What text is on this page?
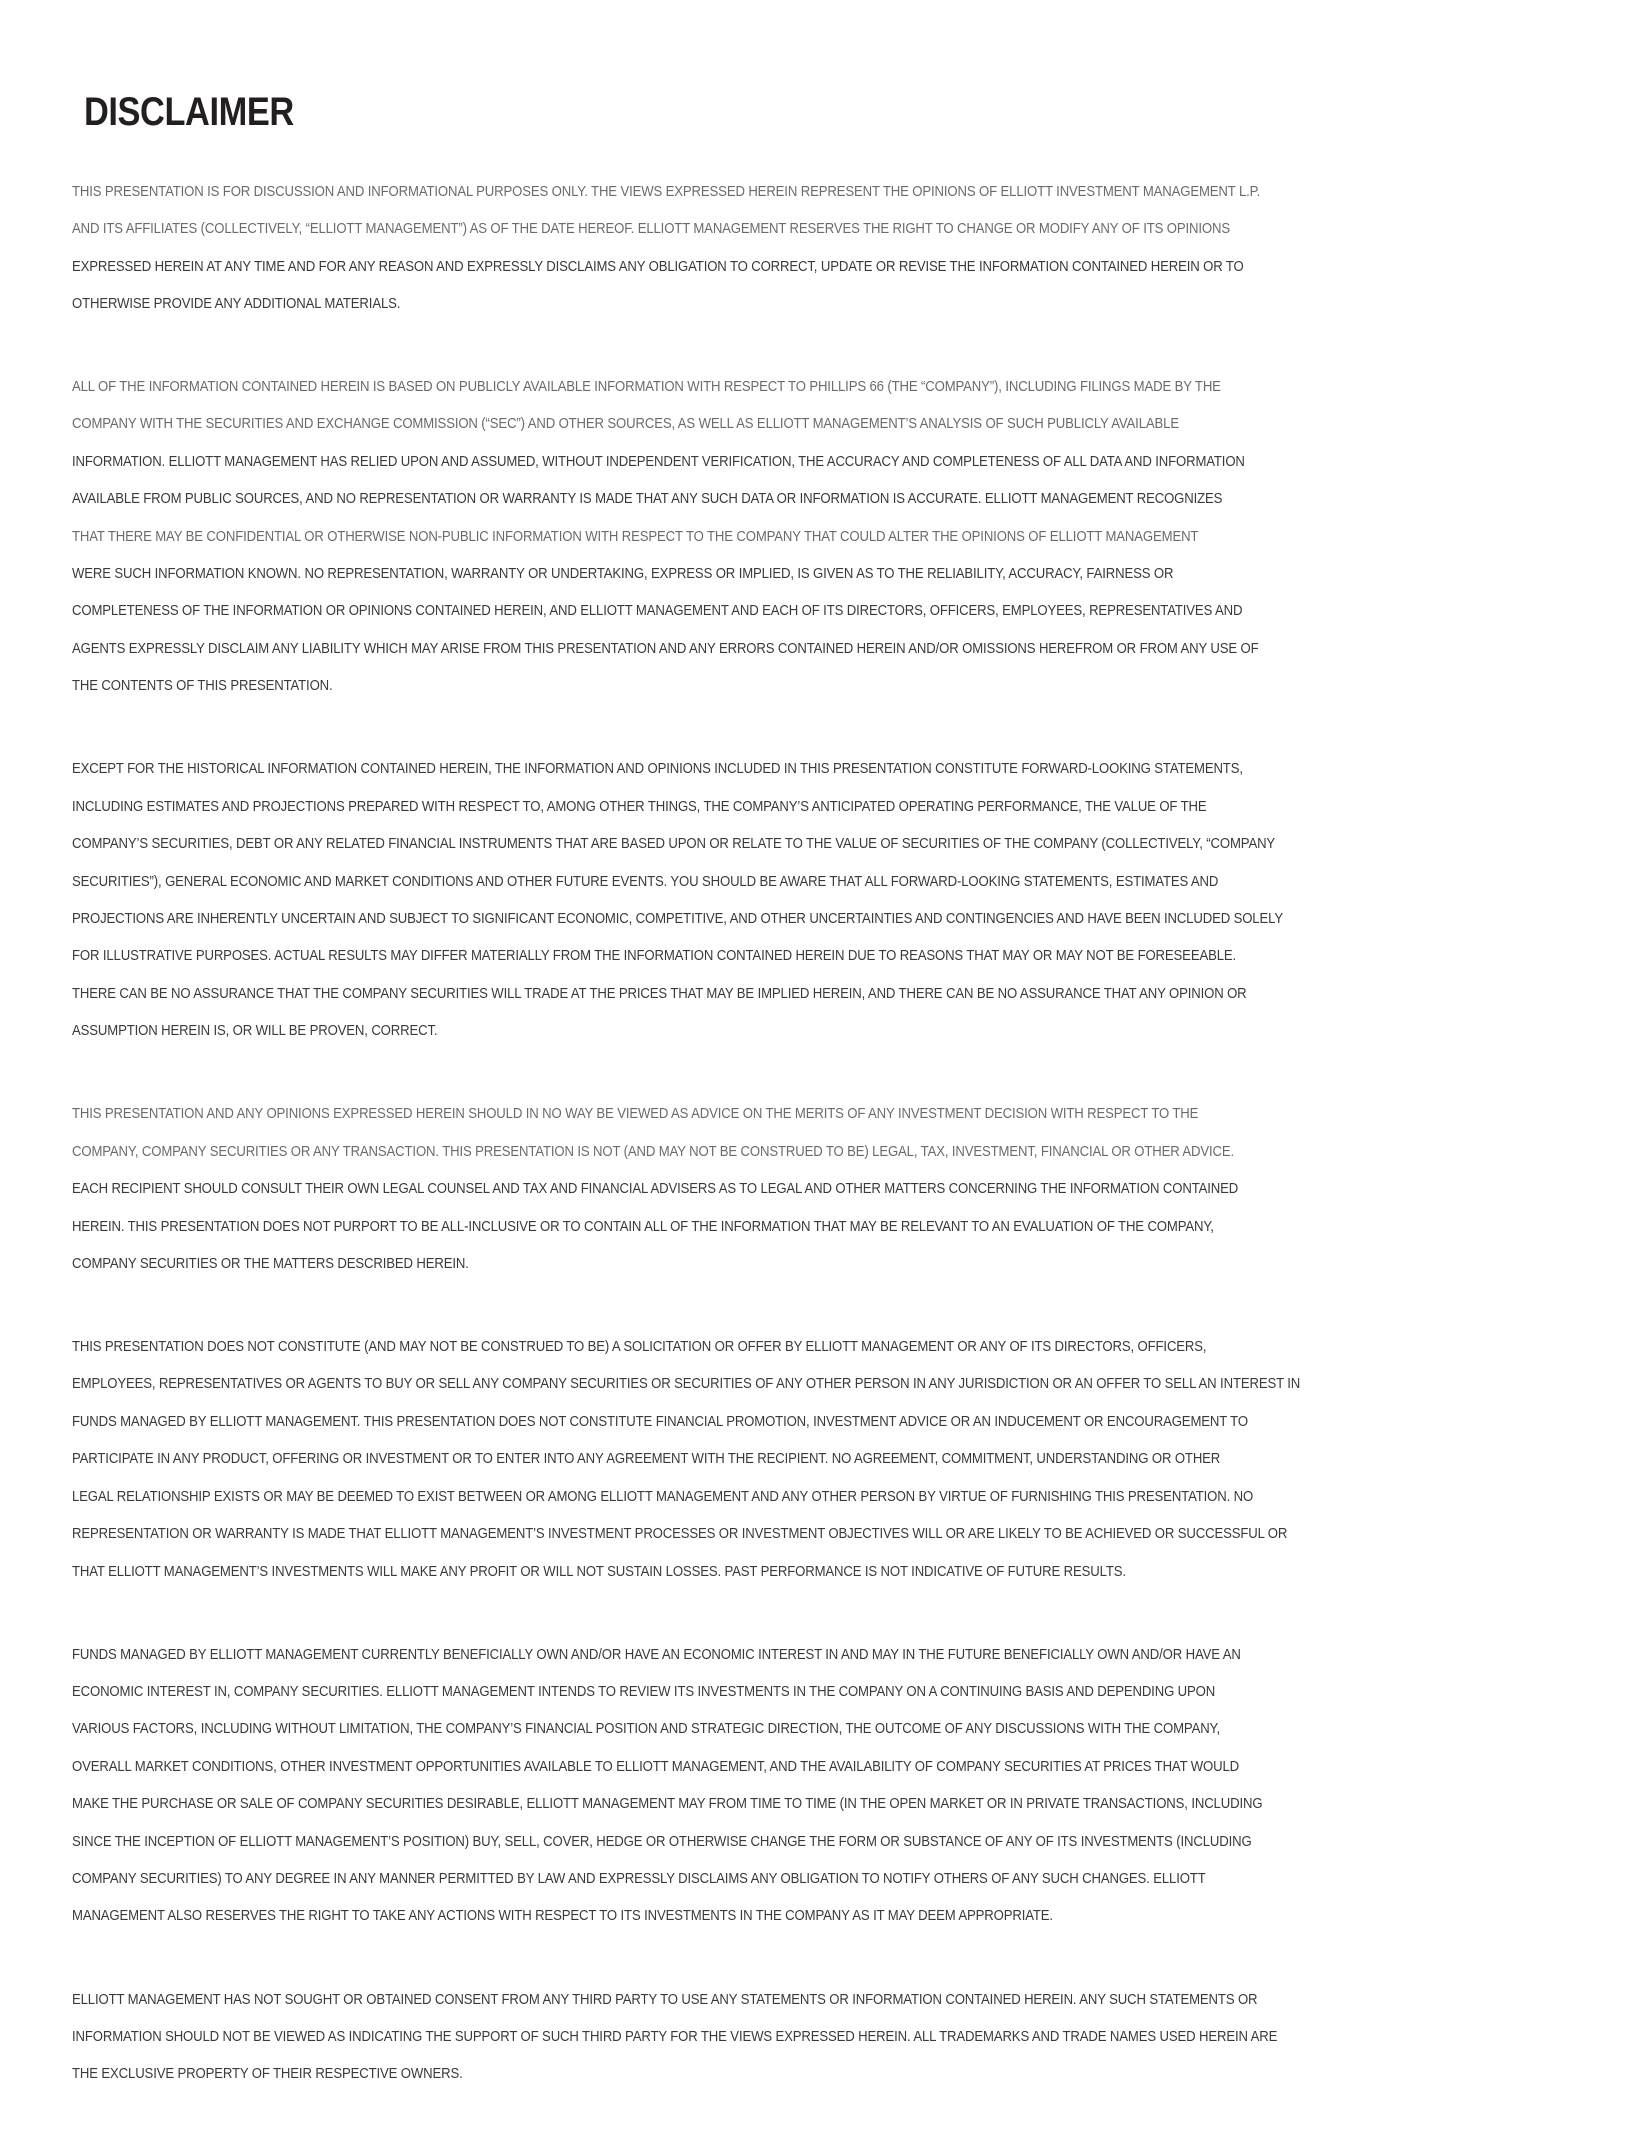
DISCLAIMER

THIS PRESENTATION IS FOR DISCUSSION AND INFORMATIONAL PURPOSES ONLY. THE VIEWS EXPRESSED HEREIN REPRESENT THE OPINIONS OF ELLIOTT INVESTMENT MANAGEMENT L.P.

AND ITS AFFILIATES (COLLECTIVELY, “ELLIOTT MANAGEMENT”) AS OF THE DATE HEREOF. ELLIOTT MANAGEMENT RESERVES THE RIGHT TO CHANGE OR MODIFY ANY OF ITS OPINIONS

EXPRESSED HEREIN AT ANY TIME AND FOR ANY REASON AND EXPRESSLY DISCLAIMS ANY OBLIGATION TO CORRECT, UPDATE OR REVISE THE INFORMATION CONTAINED HEREIN OR TO

OTHERWISE PROVIDE ANY ADDITIONAL MATERIALS.

ALL OF THE INFORMATION CONTAINED HEREIN IS BASED ON PUBLICLY AVAILABLE INFORMATION WITH RESPECT TO PHILLIPS 66 (THE “COMPANY”), INCLUDING FILINGS MADE BY THE

COMPANY WITH THE SECURITIES AND EXCHANGE COMMISSION (“SEC”) AND OTHER SOURCES, AS WELL AS ELLIOTT MANAGEMENT’S ANALYSIS OF SUCH PUBLICLY AVAILABLE

INFORMATION. ELLIOTT MANAGEMENT HAS RELIED UPON AND ASSUMED, WITHOUT INDEPENDENT VERIFICATION, THE ACCURACY AND COMPLETENESS OF ALL DATA AND INFORMATION

AVAILABLE FROM PUBLIC SOURCES, AND NO REPRESENTATION OR WARRANTY IS MADE THAT ANY SUCH DATA OR INFORMATION IS ACCURATE. ELLIOTT MANAGEMENT RECOGNIZES

THAT THERE MAY BE CONFIDENTIAL OR OTHERWISE NON-PUBLIC INFORMATION WITH RESPECT TO THE COMPANY THAT COULD ALTER THE OPINIONS OF ELLIOTT MANAGEMENT

WERE SUCH INFORMATION KNOWN. NO REPRESENTATION, WARRANTY OR UNDERTAKING, EXPRESS OR IMPLIED, IS GIVEN AS TO THE RELIABILITY, ACCURACY, FAIRNESS OR

COMPLETENESS OF THE INFORMATION OR OPINIONS CONTAINED HEREIN, AND ELLIOTT MANAGEMENT AND EACH OF ITS DIRECTORS, OFFICERS, EMPLOYEES, REPRESENTATIVES AND

AGENTS EXPRESSLY DISCLAIM ANY LIABILITY WHICH MAY ARISE FROM THIS PRESENTATION AND ANY ERRORS CONTAINED HEREIN AND/OR OMISSIONS HEREFROM OR FROM ANY USE OF

THE CONTENTS OF THIS PRESENTATION.

EXCEPT FOR THE HISTORICAL INFORMATION CONTAINED HEREIN, THE INFORMATION AND OPINIONS INCLUDED IN THIS PRESENTATION CONSTITUTE FORWARD-LOOKING STATEMENTS,

INCLUDING ESTIMATES AND PROJECTIONS PREPARED WITH RESPECT TO, AMONG OTHER THINGS, THE COMPANY’S ANTICIPATED OPERATING PERFORMANCE, THE VALUE OF THE

COMPANY’S SECURITIES, DEBT OR ANY RELATED FINANCIAL INSTRUMENTS THAT ARE BASED UPON OR RELATE TO THE VALUE OF SECURITIES OF THE COMPANY (COLLECTIVELY, “COMPANY

SECURITIES”), GENERAL ECONOMIC AND MARKET CONDITIONS AND OTHER FUTURE EVENTS. YOU SHOULD BE AWARE THAT ALL FORWARD-LOOKING STATEMENTS, ESTIMATES AND

PROJECTIONS ARE INHERENTLY UNCERTAIN AND SUBJECT TO SIGNIFICANT ECONOMIC, COMPETITIVE, AND OTHER UNCERTAINTIES AND CONTINGENCIES AND HAVE BEEN INCLUDED SOLELY

FOR ILLUSTRATIVE PURPOSES. ACTUAL RESULTS MAY DIFFER MATERIALLY FROM THE INFORMATION CONTAINED HEREIN DUE TO REASONS THAT MAY OR MAY NOT BE FORESEEABLE.

THERE CAN BE NO ASSURANCE THAT THE COMPANY SECURITIES WILL TRADE AT THE PRICES THAT MAY BE IMPLIED HEREIN, AND THERE CAN BE NO ASSURANCE THAT ANY OPINION OR

ASSUMPTION HEREIN IS, OR WILL BE PROVEN, CORRECT.

THIS PRESENTATION AND ANY OPINIONS EXPRESSED HEREIN SHOULD IN NO WAY BE VIEWED AS ADVICE ON THE MERITS OF ANY INVESTMENT DECISION WITH RESPECT TO THE

COMPANY, COMPANY SECURITIES OR ANY TRANSACTION. THIS PRESENTATION IS NOT (AND MAY NOT BE CONSTRUED TO BE) LEGAL, TAX, INVESTMENT, FINANCIAL OR OTHER ADVICE.

EACH RECIPIENT SHOULD CONSULT THEIR OWN LEGAL COUNSEL AND TAX AND FINANCIAL ADVISERS AS TO LEGAL AND OTHER MATTERS CONCERNING THE INFORMATION CONTAINED

HEREIN. THIS PRESENTATION DOES NOT PURPORT TO BE ALL-INCLUSIVE OR TO CONTAIN ALL OF THE INFORMATION THAT MAY BE RELEVANT TO AN EVALUATION OF THE COMPANY,

COMPANY SECURITIES OR THE MATTERS DESCRIBED HEREIN.

THIS PRESENTATION DOES NOT CONSTITUTE (AND MAY NOT BE CONSTRUED TO BE) A SOLICITATION OR OFFER BY ELLIOTT MANAGEMENT OR ANY OF ITS DIRECTORS, OFFICERS,

EMPLOYEES, REPRESENTATIVES OR AGENTS TO BUY OR SELL ANY COMPANY SECURITIES OR SECURITIES OF ANY OTHER PERSON IN ANY JURISDICTION OR AN OFFER TO SELL AN INTEREST IN

FUNDS MANAGED BY ELLIOTT MANAGEMENT. THIS PRESENTATION DOES NOT CONSTITUTE FINANCIAL PROMOTION, INVESTMENT ADVICE OR AN INDUCEMENT OR ENCOURAGEMENT TO

PARTICIPATE IN ANY PRODUCT, OFFERING OR INVESTMENT OR TO ENTER INTO ANY AGREEMENT WITH THE RECIPIENT. NO AGREEMENT, COMMITMENT, UNDERSTANDING OR OTHER

LEGAL RELATIONSHIP EXISTS OR MAY BE DEEMED TO EXIST BETWEEN OR AMONG ELLIOTT MANAGEMENT AND ANY OTHER PERSON BY VIRTUE OF FURNISHING THIS PRESENTATION. NO

REPRESENTATION OR WARRANTY IS MADE THAT ELLIOTT MANAGEMENT’S INVESTMENT PROCESSES OR INVESTMENT OBJECTIVES WILL OR ARE LIKELY TO BE ACHIEVED OR SUCCESSFUL OR

THAT ELLIOTT MANAGEMENT’S INVESTMENTS WILL MAKE ANY PROFIT OR WILL NOT SUSTAIN LOSSES. PAST PERFORMANCE IS NOT INDICATIVE OF FUTURE RESULTS.

FUNDS MANAGED BY ELLIOTT MANAGEMENT CURRENTLY BENEFICIALLY OWN AND/OR HAVE AN ECONOMIC INTEREST IN AND MAY IN THE FUTURE BENEFICIALLY OWN AND/OR HAVE AN

ECONOMIC INTEREST IN, COMPANY SECURITIES. ELLIOTT MANAGEMENT INTENDS TO REVIEW ITS INVESTMENTS IN THE COMPANY ON A CONTINUING BASIS AND DEPENDING UPON

VARIOUS FACTORS, INCLUDING WITHOUT LIMITATION, THE COMPANY’S FINANCIAL POSITION AND STRATEGIC DIRECTION, THE OUTCOME OF ANY DISCUSSIONS WITH THE COMPANY,

OVERALL MARKET CONDITIONS, OTHER INVESTMENT OPPORTUNITIES AVAILABLE TO ELLIOTT MANAGEMENT, AND THE AVAILABILITY OF COMPANY SECURITIES AT PRICES THAT WOULD

MAKE THE PURCHASE OR SALE OF COMPANY SECURITIES DESIRABLE, ELLIOTT MANAGEMENT MAY FROM TIME TO TIME (IN THE OPEN MARKET OR IN PRIVATE TRANSACTIONS, INCLUDING

SINCE THE INCEPTION OF ELLIOTT MANAGEMENT’S POSITION) BUY, SELL, COVER, HEDGE OR OTHERWISE CHANGE THE FORM OR SUBSTANCE OF ANY OF ITS INVESTMENTS (INCLUDING

COMPANY SECURITIES) TO ANY DEGREE IN ANY MANNER PERMITTED BY LAW AND EXPRESSLY DISCLAIMS ANY OBLIGATION TO NOTIFY OTHERS OF ANY SUCH CHANGES. ELLIOTT

MANAGEMENT ALSO RESERVES THE RIGHT TO TAKE ANY ACTIONS WITH RESPECT TO ITS INVESTMENTS IN THE COMPANY AS IT MAY DEEM APPROPRIATE.

ELLIOTT MANAGEMENT HAS NOT SOUGHT OR OBTAINED CONSENT FROM ANY THIRD PARTY TO USE ANY STATEMENTS OR INFORMATION CONTAINED HEREIN. ANY SUCH STATEMENTS OR

INFORMATION SHOULD NOT BE VIEWED AS INDICATING THE SUPPORT OF SUCH THIRD PARTY FOR THE VIEWS EXPRESSED HEREIN. ALL TRADEMARKS AND TRADE NAMES USED HEREIN ARE

THE EXCLUSIVE PROPERTY OF THEIR RESPECTIVE OWNERS.
